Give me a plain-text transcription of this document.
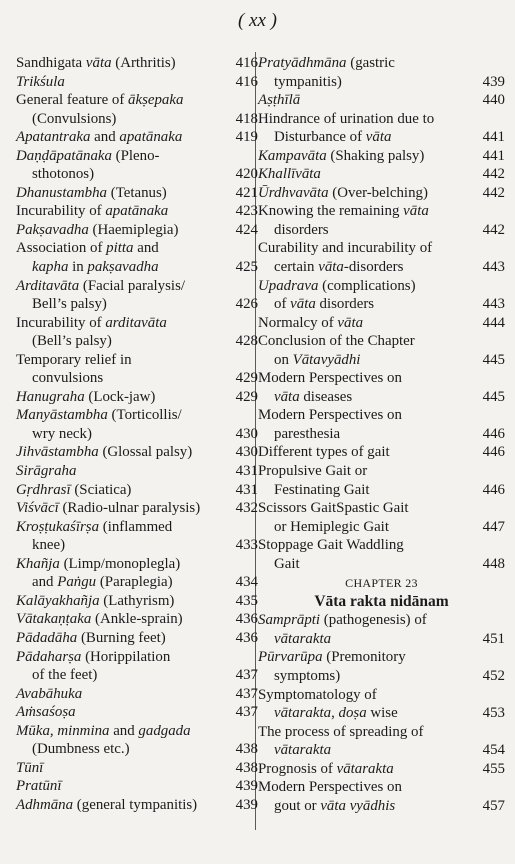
( xx )
Sandhigata vāta (Arthritis)	416
Trikśula	416
General feature of ākṣepaka
(Convulsions)	418
Apatantraka and apatānaka	419
Daṇḍāpatānaka (Pleno-
sthotonos)	420
Dhanustambha (Tetanus)	421
Incurability of apatānaka	423
Pakṣavadha (Haemiplegia)	424
Association of pitta and
kapha in pakṣavadha	425
Arditavāta (Facial paralysis/
Bell’s palsy)	426
Incurability of arditavāta
(Bell’s palsy)	428
Temporary relief in
convulsions	429
Hanugraha (Lock-jaw)	429
Manyāstambha (Torticollis/
wry neck)	430
Jihvāstambha (Glossal palsy)	430
Sirāgraha	431
Gṛdhrasī (Sciatica)	431
Viśvācī (Radio-ulnar paralysis)	432
Kroṣṭukaśīrṣa (inflammed
knee)	433
Khañja (Limp/monoplegla)
and Paṅgu (Paraplegia)	434
Kalāyakhañja (Lathyrism)	435
Vātakaṇṭaka (Ankle-sprain)	436
Pādadāha (Burning feet)	436
Pādaharṣa (Horippilation
of the feet)	437
Avabāhuka	437
Aṁsaśoṣa	437
Mūka, minmina and gadgada
(Dumbness etc.)	438
Tūnī	438
Pratūnī	439
Adhmāna (general tympanitis)	439
Pratyādhmāna (gastric
tympanitis)	439
Aṣṭhīlā	440
Hindrance of urination due to
Disturbance of vāta	441
Kampavāta (Shaking palsy)	441
Khallīvāta	442
Ūrdhvavāta (Over-belching)	442
Knowing the remaining vāta
disorders	442
Curability and incurability of
certain vāta-disorders	443
Upadrava (complications)
of vāta disorders	443
Normalcy of vāta	444
Conclusion of the Chapter
on Vātavyādhi	445
Modern Perspectives on
vāta diseases	445
Modern Perspectives on
paresthesia	446
Different types of gait	446
Propulsive Gait or
Festinating Gait	446
Scissors GaitSpastic Gait
or Hemiplegic Gait	447
Stoppage Gait Waddling
Gait	448
CHAPTER 23
Vāta rakta nidānam
Samprāpti (pathogenesis) of
vātarakta	451
Pūrvarūpa (Premonitory
symptoms)	452
Symptomatology of
vātarakta, doṣa wise	453
The process of spreading of
vātarakta	454
Prognosis of vātarakta	455
Modern Perspectives on
gout or vāta vyādhis	457
